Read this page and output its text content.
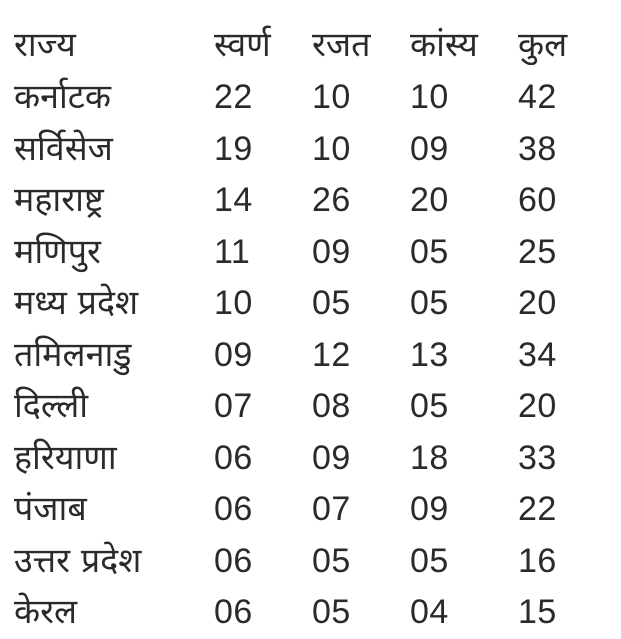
राज्य	स्वर्ण	रजत	कांस्य	कुल
कर्नाटक	22	10	10	42
सर्विसेज	19	10	09	38
महाराष्ट्र	14	26	20	60
मणिपुर	11	09	05	25
मध्य प्रदेश	10	05	05	20
तमिलनाडु	09	12	13	34
दिल्ली	07	08	05	20
हरियाणा	06	09	18	33
पंजाब	06	07	09	22
उत्तर प्रदेश	06	05	05	16
केरल	06	05	04	15
